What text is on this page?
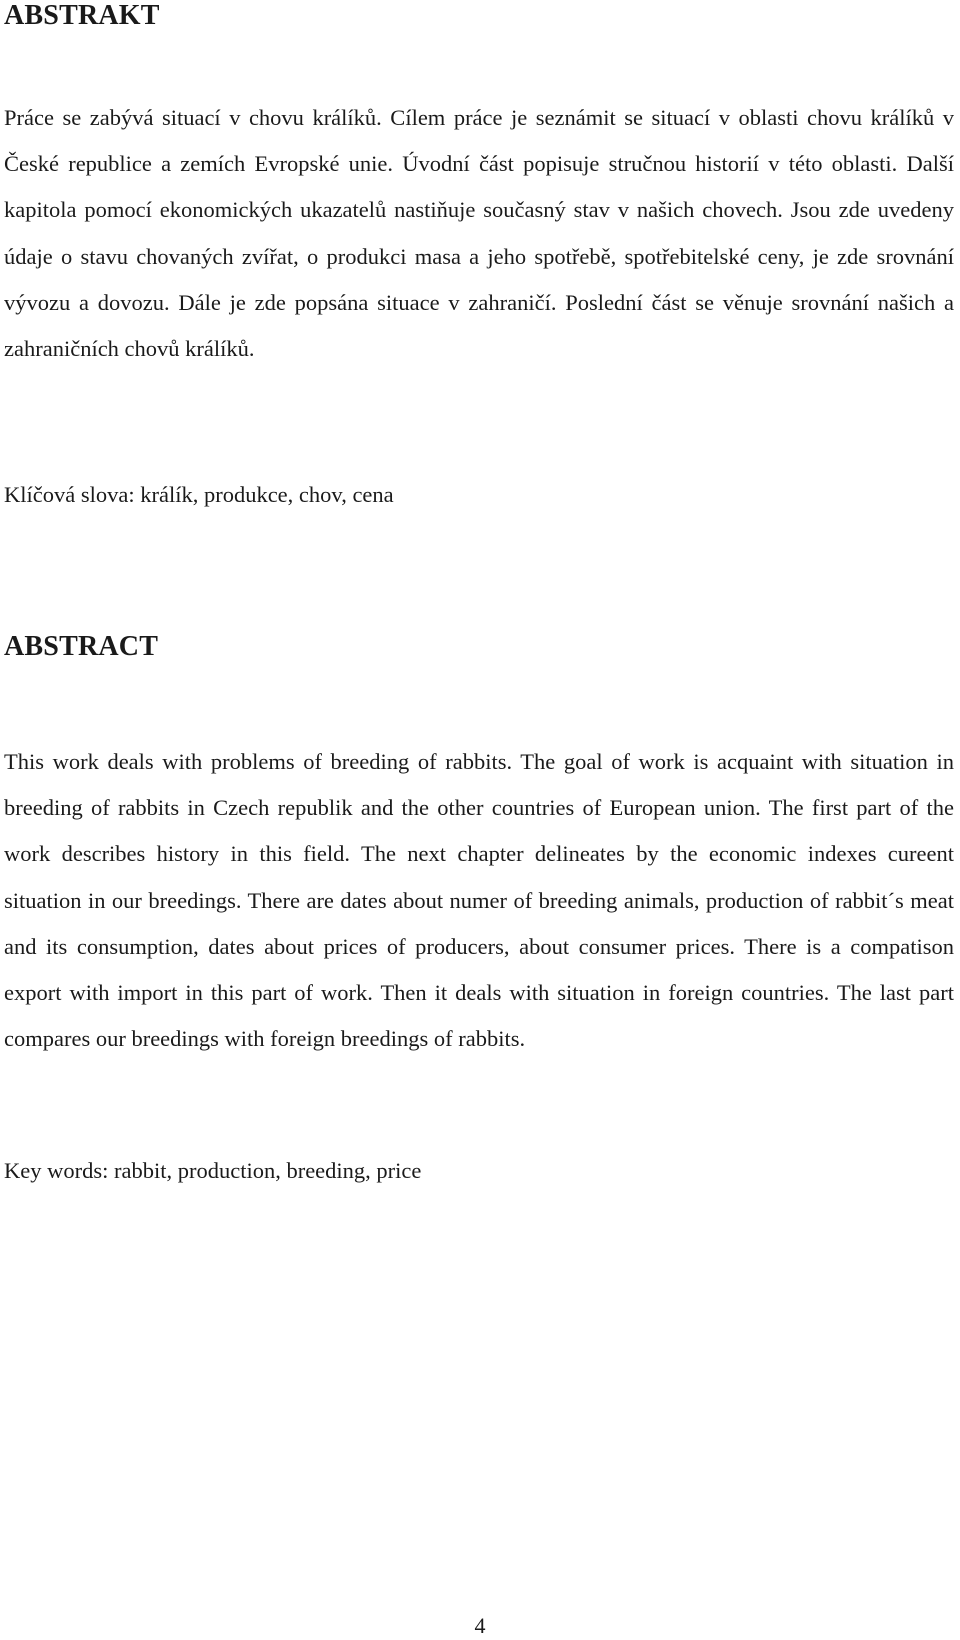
ABSTRAKT

Práce se zabývá situací v chovu králíků. Cílem práce je seznámit se situací v oblasti chovu králíků v České republice a zemích Evropské unie. Úvodní část popisuje stručnou historií v této oblasti. Další kapitola pomocí ekonomických ukazatelů nastiňuje současný stav v našich chovech. Jsou zde uvedeny údaje o stavu chovaných zvířat, o produkci masa a jeho spotřebě, spotřebitelské ceny, je zde srovnání vývozu a dovozu. Dále je zde popsána situace v zahraničí. Poslední část se věnuje srovnání našich a zahraničních chovů králíků.

Klíčová slova: králík, produkce, chov, cena

ABSTRACT

This work deals with problems of breeding of rabbits. The goal of work is acquaint with situation in breeding of rabbits in Czech republik and the other countries of European union. The first part of the work describes history in this field. The next chapter delineates by the economic indexes cureent situation in our breedings. There are dates about numer of breeding animals, production of rabbit´s meat and its consumption, dates about prices of producers, about consumer prices. There is a compatison export with import in this part of work. Then it deals with situation in foreign countries. The last part compares our breedings with foreign breedings of rabbits.

Key words: rabbit, production, breeding, price

4
